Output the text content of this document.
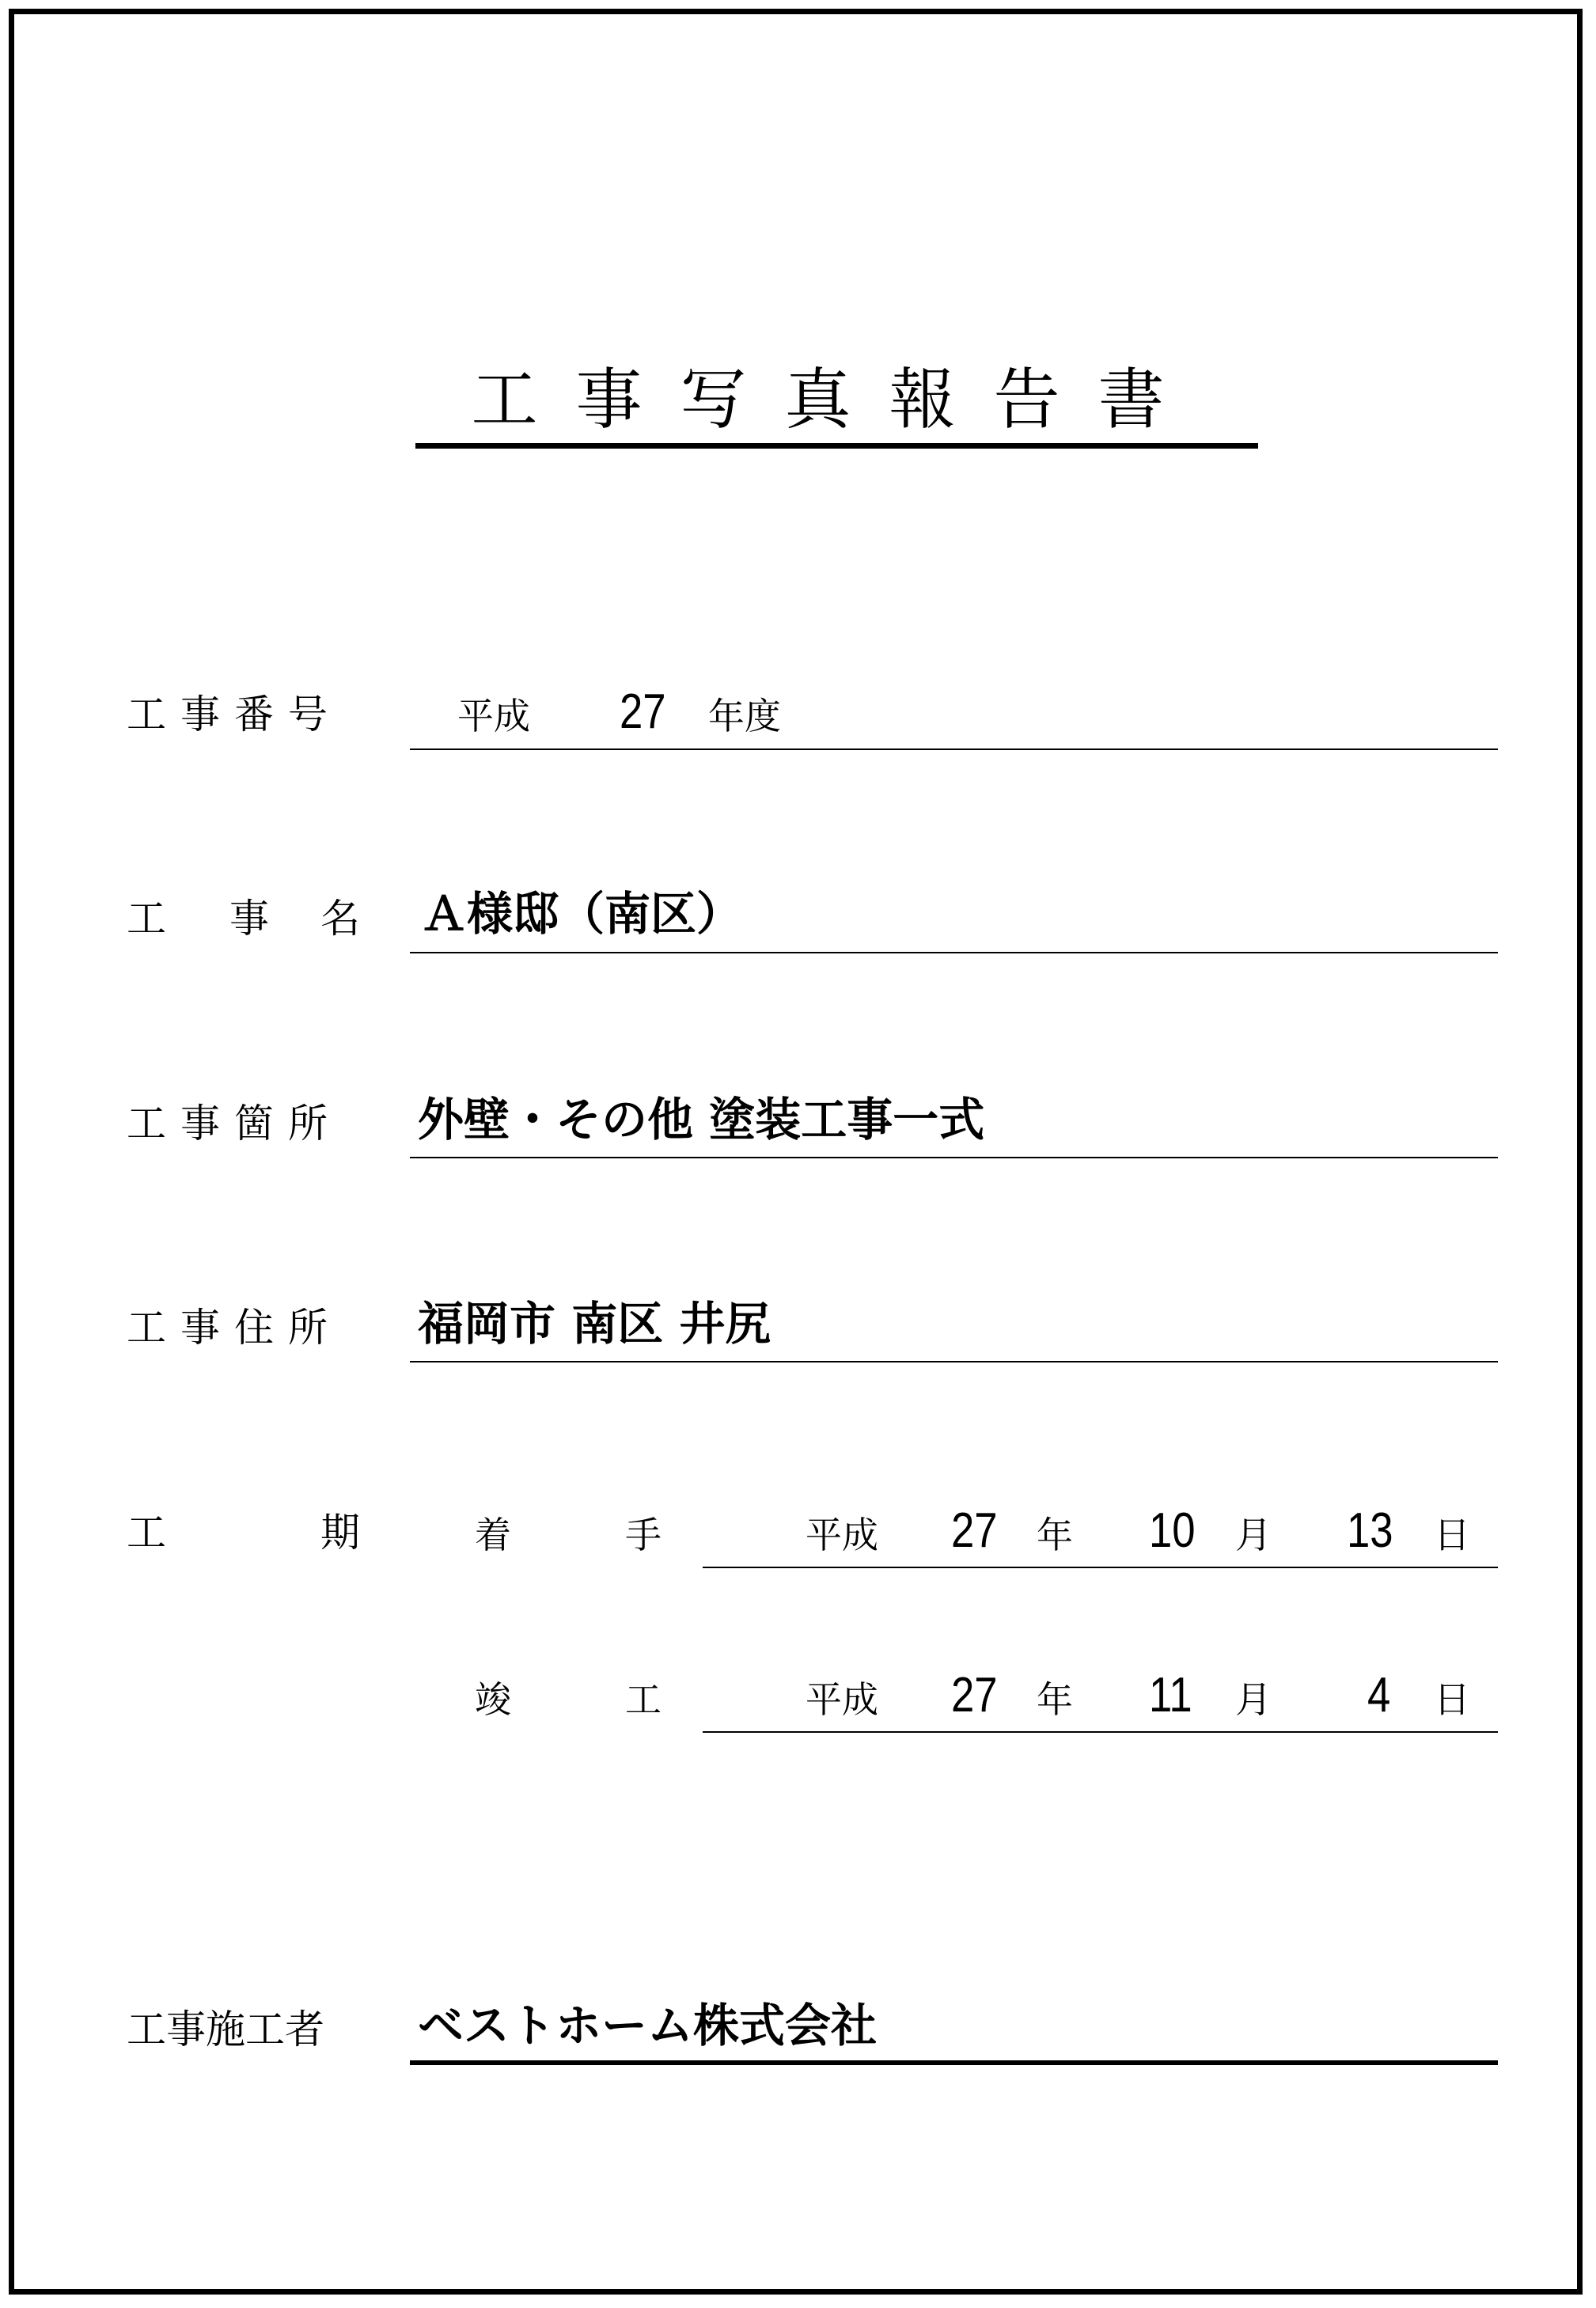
工事写真報告書
工事番号	平成 27 年度
工 事 名 Ａ様邸（南区）
工事箇所 外壁・その他 塗装工事一式
工事住所 福岡市 南区 井尻
工	期	着	手	平成 27 年 10 月 13 日
竣	工	平成 27 年 11 月 4 日
工事施工者 ベストホーム株式会社
